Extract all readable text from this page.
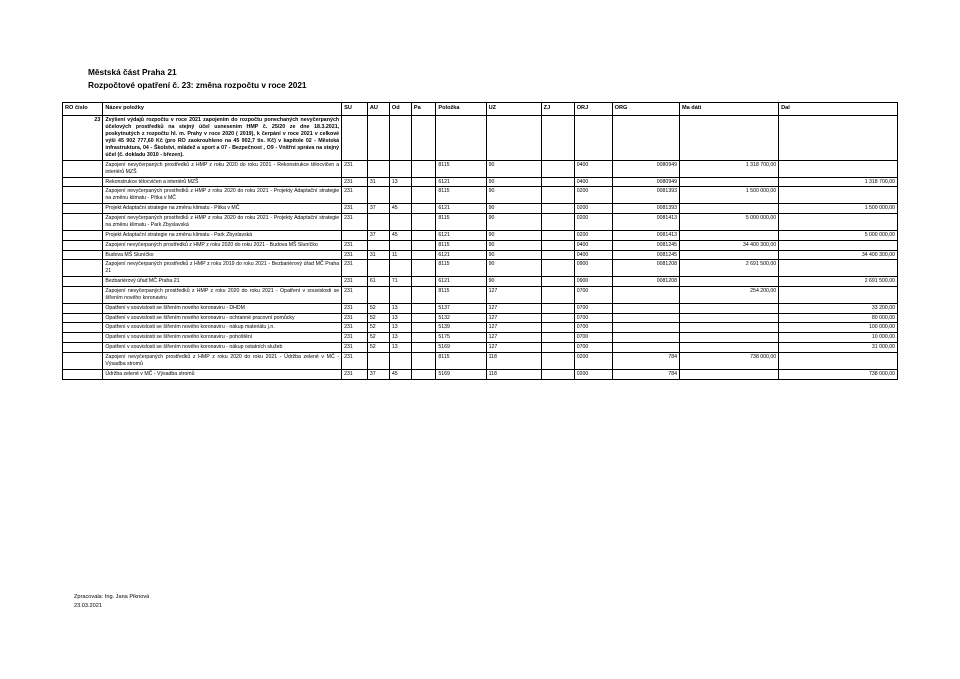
Městská část Praha 21
Rozpočtové opatření č. 23: změna rozpočtu v roce 2021
RO číslo	Název položky	SU	AU	Od	Pa	Položka	UZ	ZJ	ORJ	ORG	Ma dáti	Dal
23	Zvýšení výdajů rozpočtu v roce 2021 zapojením do rozpočtu ponechaných nevyčerpaných účelových prostředků na stejný účel usnesením HMP č. 25/20 ze dne 18.3.2021, poskytnutých z rozpočtu hl. m. Prahy v roce 2020 ( 2019), k čerpání v roce 2021 v celkové výši 45 902 777,60 Kč (pro RO zaokrouhleno na 45 902,7 tis. Kč) v kapitole 02 - Městská infrastruktura, 04 - Školství, mládež a sport a 07 - Bezpečnost , O9 - Vnitřní správa na stejný účel (č. dokladu 3010 - březen).											
	Zapojení nevyčerpaných prostředků z HMP z roku 2020 do roku 2021 - Rekonstrukce tělocvičen a interiérů MZŠ	231				8115	90		0400	0080949	1 318 700,00	
	Rekonstrukce tělocvičen a interiérů MZŠ	231	31	13		6121	90		0400	0080949		1 318 700,00
	Zapojení nevyčerpaných prostředků z HMP z roku 2020 do roku 2021 - Projekty Adaptační strategie na změnu klimatu - Pítka v MČ	231				8115	90		0200	0081393	1 500 000,00	
	Projekt Adaptační strategie na změnu klimatu - Pítka v MČ	231	37	45		6121	90		0200	0081393		1 500 000,00
	Zapojení nevyčerpaných prostředků z HMP z roku 2020 do roku 2021 - Projekty Adaptační strategie na změnu klimatu - Park Zbyslavská	231				8115	90		0200	0081413	5 000 000,00	
	Projekt Adaptační strategie na změnu klimatu - Park Zbyslavská		37	45		6121	90		0200	0081413		5 000 000,00
	Zapojení nevyčerpaných prostředků z HMP z roku 2020 do roku 2021 - Budova MŠ Sluníčko	231				8115	90		0400	0081245	34 400 300,00	
	Budova MŠ Sluníčko	231	31	11		6121	90		0400	0081245		34 400 300,00
	Zapojení nevyčerpaných prostředků z HMP z roku 2019 do roku 2021 - Bezbariérový úřad MČ Praha 21	231				8115	90		0900	0081208	2 691 500,00	
	Bezbariérový úřad MČ Praha 21	231	61	71		6121	90		0900	0081208		2 691 500,00
	Zapojení nevyčerpaných prostředků z HMP z roku 2020 do roku 2021 - Opatření v souvislosti se šířením nového koronaviru	231				8115	127		0700		254 200,00	
	Opatření v souvislosti se šířením nového koronaviru - DHDM	231	52	13		5137	127		0700			33 200,00
	Opatření v souvislosti se šířením nového koronaviru - ochranné pracovní pomůcky	231	52	13		5132	127		0700			80 000,00
	Opatření v souvislosti se šířením nového koronaviru - nákup materiálu j.n.	231	52	13		5139	127		0700			100 000,00
	Opatření v souvislosti se šířením nového koronaviru - pohoštění	231	52	13		5175	127		0700			10 000,00
	Opatření v souvislosti se šířením nového koronaviru - nákup ostatních služeb	231	52	13		5169	127		0700			31 000,00
	Zapojení nevyčerpaných prostředků z HMP z roku 2020 do roku 2021 - Údržba zeleně v MČ - Výsadba stromů	231				8115	118		0200	784	738 000,00	
	Údržba zeleně v MČ - Výsadba stromů	231	37	45		5169	118		0200	784		738 000,00
Zpracovala: Ing. Jana Piknová
23.03.2021
